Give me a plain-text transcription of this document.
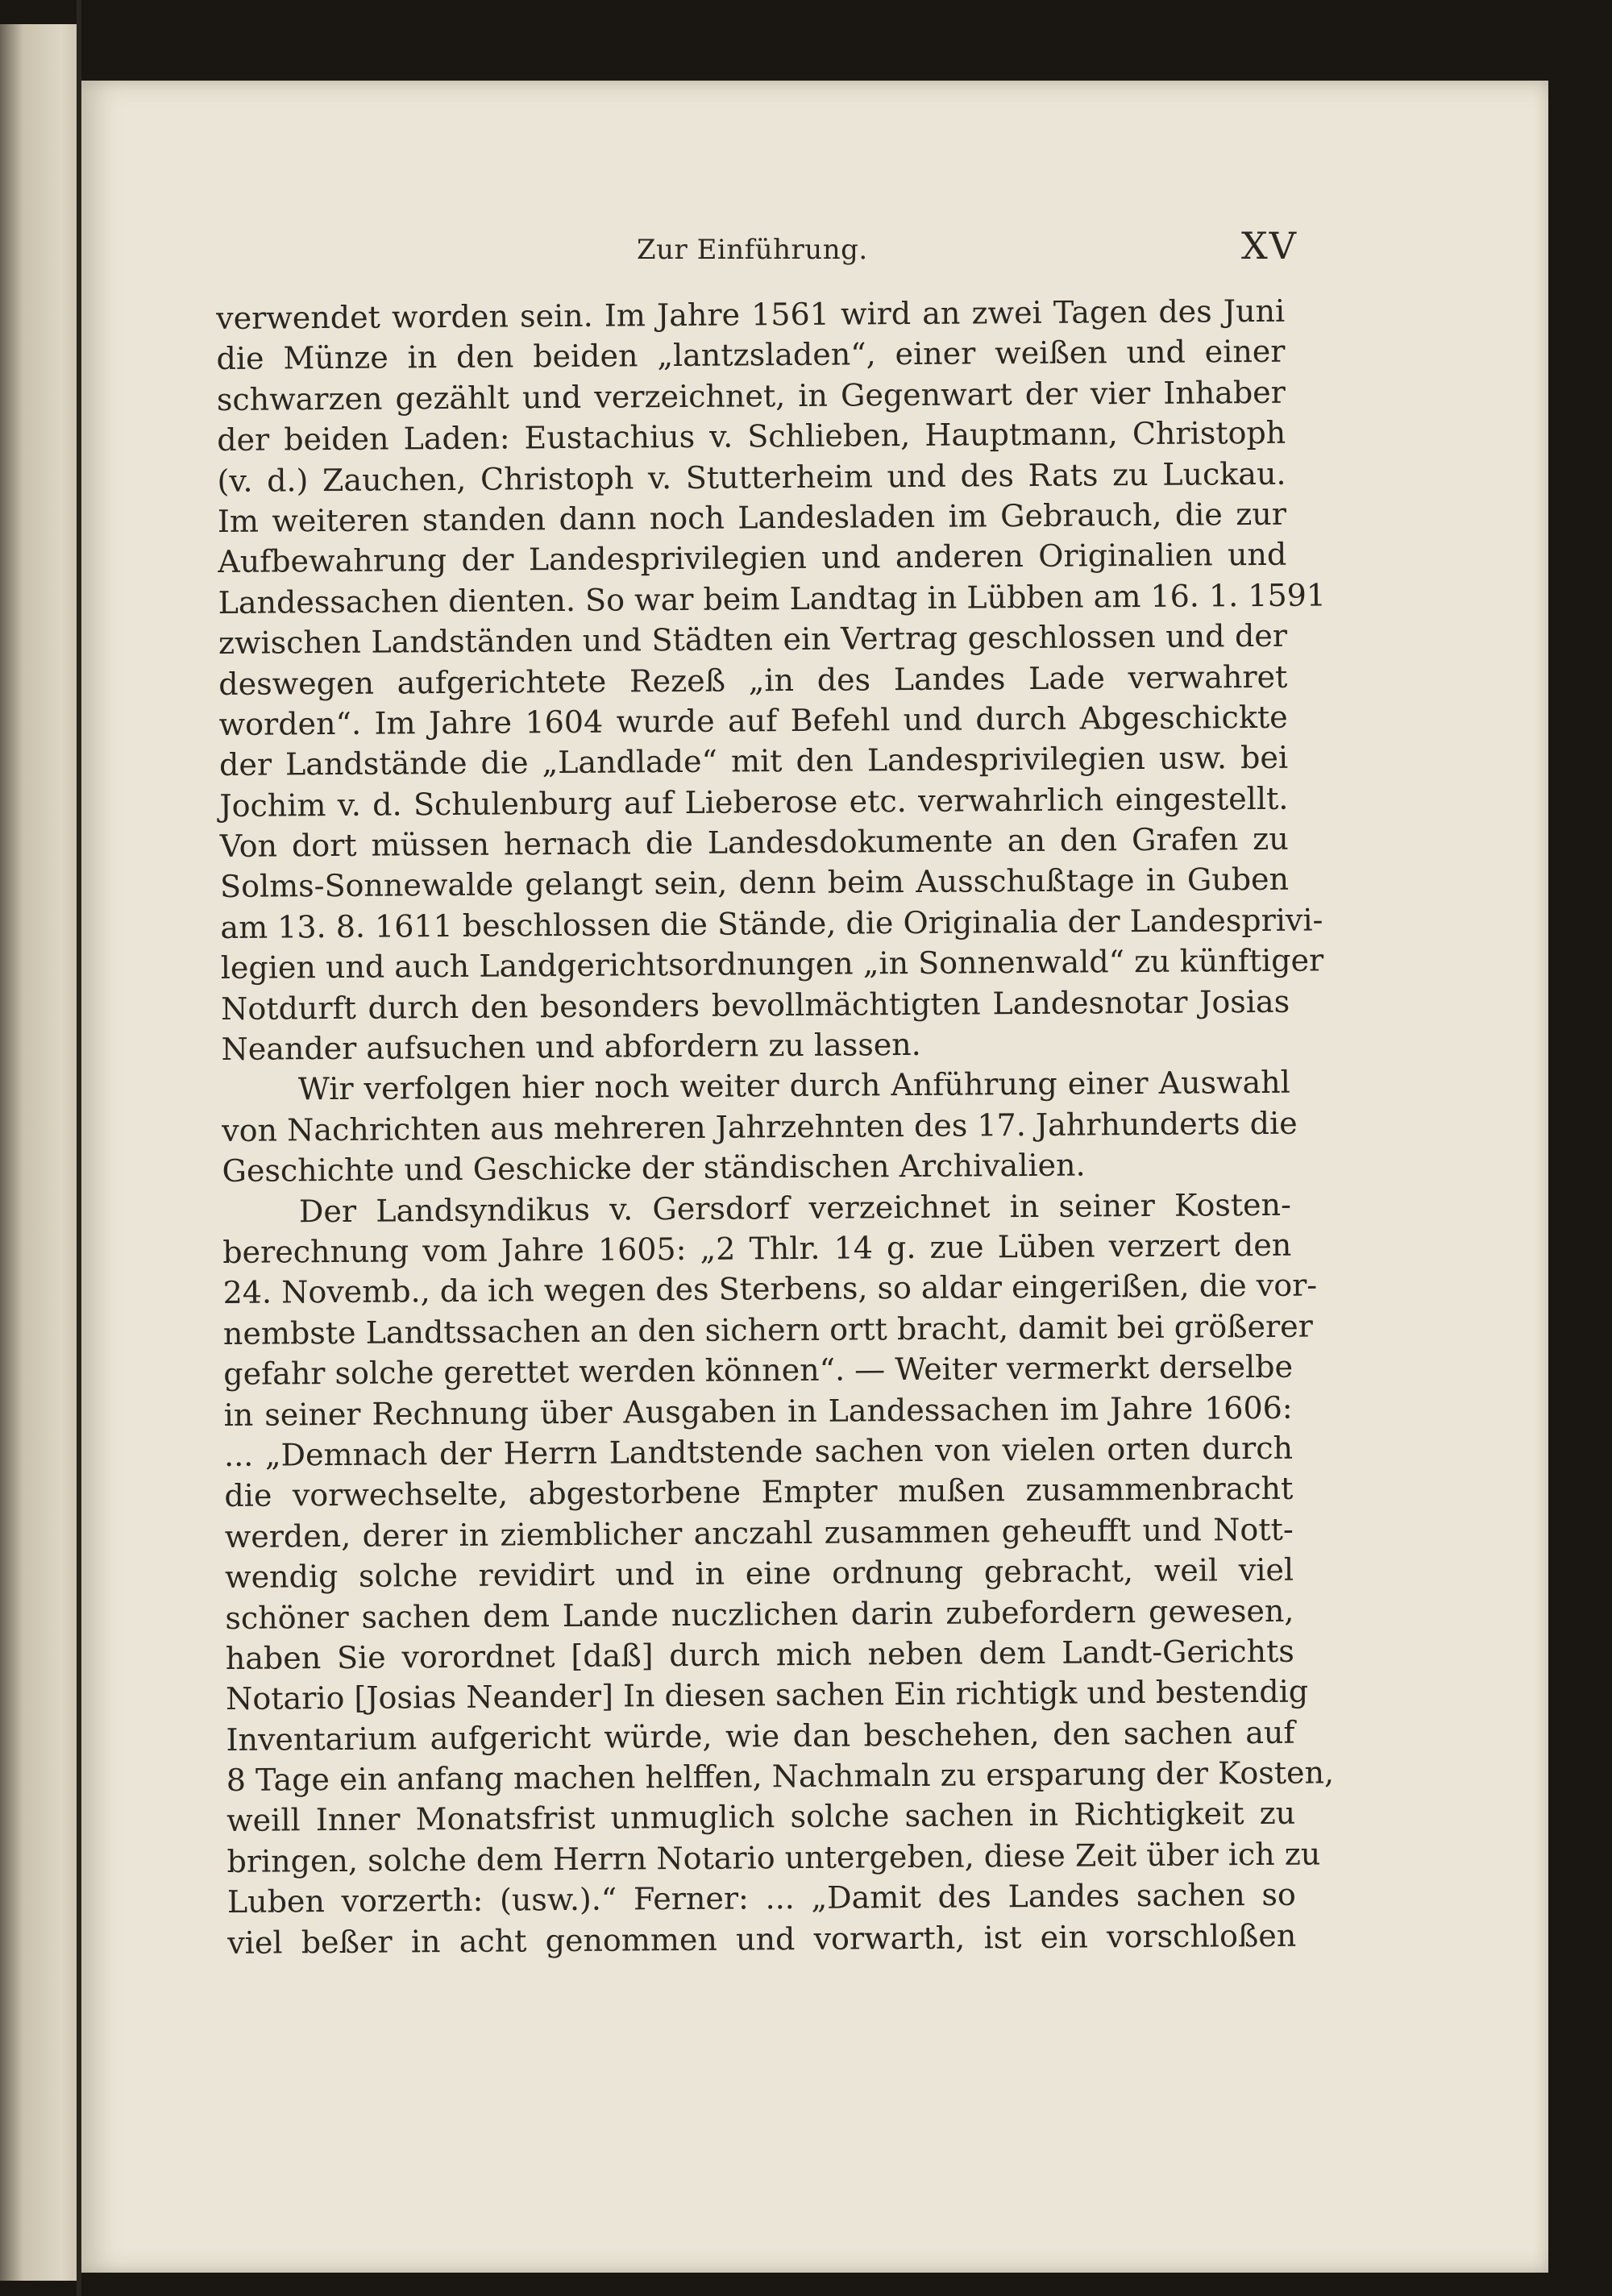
Zur Einführung.	XV
verwendet worden sein. Im Jahre 1561 wird an zwei Tagen des Juni
die Münze in den beiden „lantzsladen“, einer weißen und einer
schwarzen gezählt und verzeichnet, in Gegenwart der vier Inhaber
der beiden Laden: Eustachius v. Schlieben, Hauptmann, Christoph
(v. d.) Zauchen, Christoph v. Stutterheim und des Rats zu Luckau.
Im weiteren standen dann noch Landesladen im Gebrauch, die zur
Aufbewahrung der Landesprivilegien und anderen Originalien und
Landessachen dienten. So war beim Landtag in Lübben am 16. 1. 1591
zwischen Landständen und Städten ein Vertrag geschlossen und der
deswegen aufgerichtete Rezeß „in des Landes Lade verwahret
worden“. Im Jahre 1604 wurde auf Befehl und durch Abgeschickte
der Landstände die „Landlade“ mit den Landesprivilegien usw. bei
Jochim v. d. Schulenburg auf Lieberose etc. verwahrlich eingestellt.
Von dort müssen hernach die Landesdokumente an den Grafen zu
Solms-Sonnewalde gelangt sein, denn beim Ausschußtage in Guben
am 13. 8. 1611 beschlossen die Stände, die Originalia der Landesprivi-
legien und auch Landgerichtsordnungen „in Sonnenwald“ zu künftiger
Notdurft durch den besonders bevollmächtigten Landesnotar Josias
Neander aufsuchen und abfordern zu lassen.
Wir verfolgen hier noch weiter durch Anführung einer Auswahl
von Nachrichten aus mehreren Jahrzehnten des 17. Jahrhunderts die
Geschichte und Geschicke der ständischen Archivalien.
Der Landsyndikus v. Gersdorf verzeichnet in seiner Kosten-
berechnung vom Jahre 1605: „2 Thlr. 14 g. zue Lüben verzert den
24. Novemb., da ich wegen des Sterbens, so aldar eingerißen, die vor-
nembste Landtssachen an den sichern ortt bracht, damit bei größerer
gefahr solche gerettet werden können“. — Weiter vermerkt derselbe
in seiner Rechnung über Ausgaben in Landessachen im Jahre 1606:
... „Demnach der Herrn Landtstende sachen von vielen orten durch
die vorwechselte, abgestorbene Empter mußen zusammenbracht
werden, derer in ziemblicher anczahl zusammen geheufft und Nott-
wendig solche revidirt und in eine ordnung gebracht, weil viel
schöner sachen dem Lande nuczlichen darin zubefordern gewesen,
haben Sie vorordnet [daß] durch mich neben dem Landt-Gerichts
Notario [Josias Neander] In diesen sachen Ein richtigk und bestendig
Inventarium aufgericht würde, wie dan beschehen, den sachen auf
8 Tage ein anfang machen helffen, Nachmaln zu ersparung der Kosten,
weill Inner Monatsfrist unmuglich solche sachen in Richtigkeit zu
bringen, solche dem Herrn Notario untergeben, diese Zeit über ich zu
Luben vorzerth: (usw.).“ Ferner: ... „Damit des Landes sachen so
viel beßer in acht genommen und vorwarth, ist ein vorschloßen
